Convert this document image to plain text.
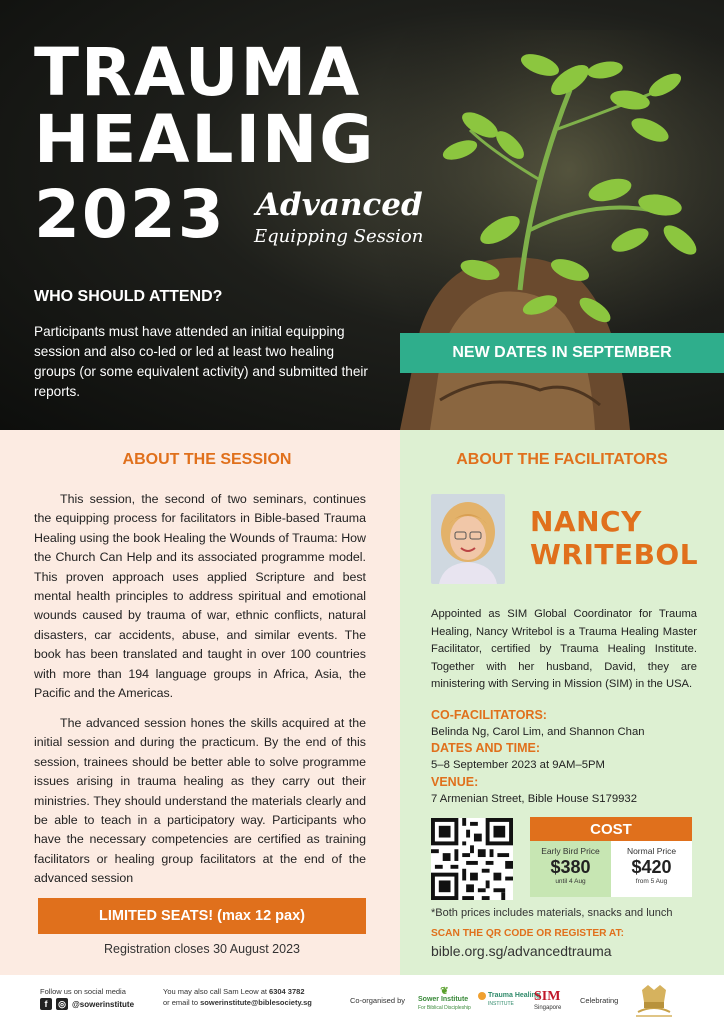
TRAUMA
HEALING
2023 Advanced
Equipping Session
WHO SHOULD ATTEND?
Participants must have attended an initial equipping session and also co-led or led at least two healing groups (or some equivalent activity) and submitted their reports.
NEW DATES IN SEPTEMBER
ABOUT THE SESSION
This session, the second of two seminars, continues the equipping process for facilitators in Bible-based Trauma Healing using the book Healing the Wounds of Trauma: How the Church Can Help and its associated programme model. This proven approach uses applied Scripture and best mental health principles to address spiritual and emotional wounds caused by trauma of war, ethnic conflicts, natural disasters, car accidents, abuse, and similar events. The book has been translated and taught in over 100 countries with more than 194 language groups in Africa, Asia, the Pacific and the Americas.
The advanced session hones the skills acquired at the initial session and during the practicum. By the end of this session, trainees should be better able to solve programme issues arising in trauma healing as they carry out their ministries. They should understand the materials clearly and be able to teach in a participatory way. Participants who have the necessary competencies are certified as training facilitators or healing group facilitators at the end of the advanced session
LIMITED SEATS! (max 12 pax)
Registration closes 30 August 2023
ABOUT THE FACILITATORS
NANCY
WRITEBOL
Appointed as SIM Global Coordinator for Trauma Healing, Nancy Writebol is a Trauma Healing Master Facilitator, certified by Trauma Healing Institute. Together with her husband, David, they are ministering with Serving in Mission (SIM) in the USA.
CO-FACILITATORS:
Belinda Ng, Carol Lim, and Shannon Chan
DATES AND TIME:
5–8 September 2023 at 9AM–5PM
VENUE:
7 Armenian Street, Bible House S179932
COST
Early Bird Price
$380
until 4 Aug
Normal Price
$420
from 5 Aug
*Both prices includes materials, snacks and lunch
SCAN THE QR CODE OR REGISTER AT:
bible.org.sg/advancedtrauma
Follow us on social media
f	◎ @sowerinstitute
You may also call Sam Leow at 6304 3782
or email to sowerinstitute@biblesociety.sg	Co-organised by
❦
Sower Institute
For Biblical Discipleship
Trauma Healing
INSTITUTE	SIM
Singapore
Celebrating
